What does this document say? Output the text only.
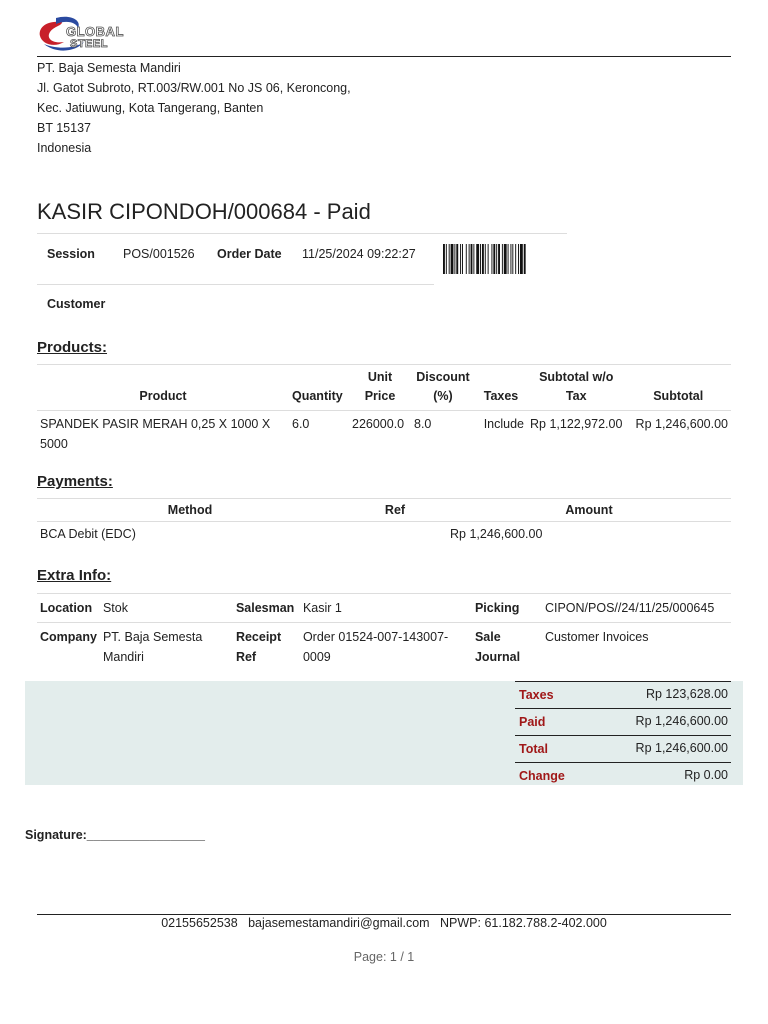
GLOBAL
STEEL
PT. Baja Semesta Mandiri
Jl. Gatot Subroto, RT.003/RW.001 No JS 06, Keroncong,
Kec. Jatiuwung, Kota Tangerang, Banten
BT 15137
Indonesia
KASIR CIPONDOH/000684 - Paid
Session POS/001526 Order Date 11/25/2024 09:22:27
Customer
Products:
Product	Quantity	Unit Price	Discount (%)	Taxes	Subtotal w/o Tax	Subtotal
SPANDEK PASIR MERAH 0,25 X 1000 X 5000	6.0	226000.0	8.0	Include	Rp 1,122,972.00	Rp 1,246,600.00
Payments:
Method	Ref	Amount
BCA Debit (EDC)		Rp 1,246,600.00
Extra Info:
Location	Stok	Salesman	Kasir 1	Picking	CIPON/POS//24/11/25/000645
Company	PT. Baja Semesta Mandiri	Receipt Ref	Order 01524-007-143007-0009	Sale Journal	Customer Invoices
Taxes	Rp 123,628.00
Paid	Rp 1,246,600.00
Total	Rp 1,246,600.00
Change	Rp 0.00
Signature:_________________
02155652538   bajasemestamandiri@gmail.com   NPWP: 61.182.788.2-402.000
Page: 1 / 1
